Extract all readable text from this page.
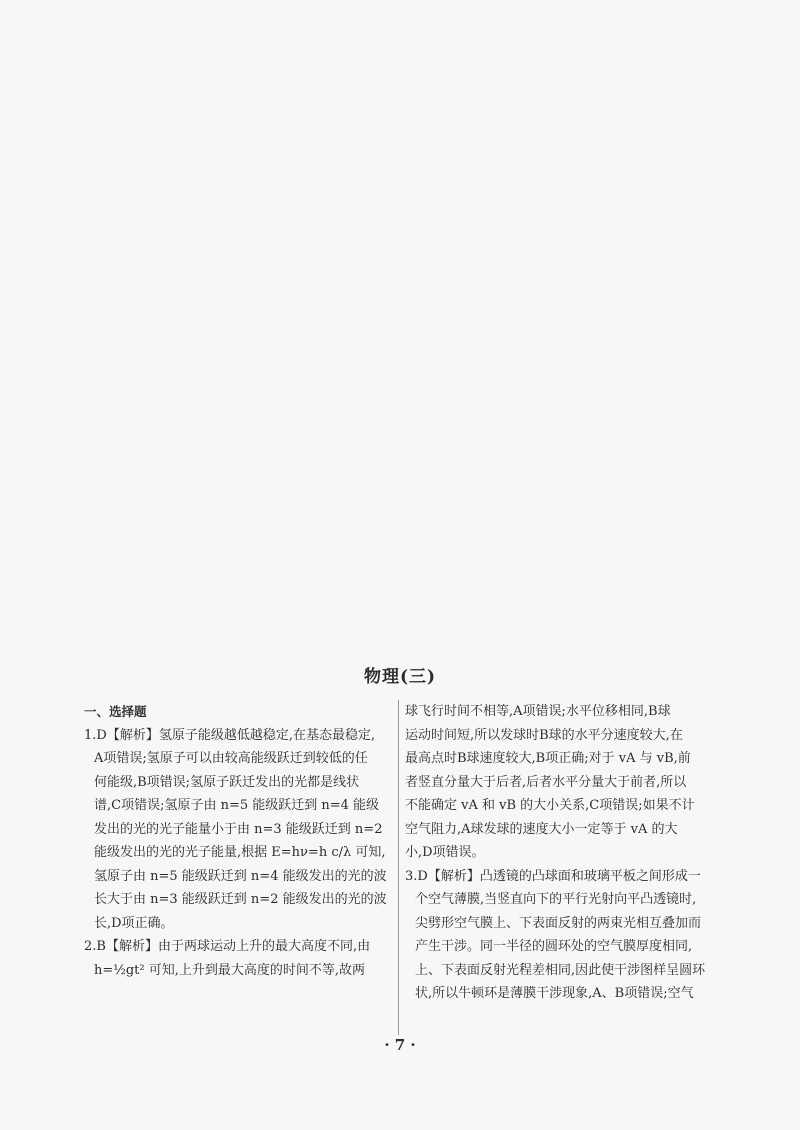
物理(三)

一、选择题

1.D【解析】氢原子能级越低越稳定,在基态最稳定,

A项错误;氢原子可以由较高能级跃迁到较低的任

何能级,B项错误;氢原子跃迁发出的光都是线状

谱,C项错误;氢原子由 n=5 能级跃迁到 n=4 能级

发出的光的光子能量小于由 n=3 能级跃迁到 n=2

能级发出的光的光子能量,根据 E=hν=h c/λ 可知,

氢原子由 n=5 能级跃迁到 n=4 能级发出的光的波

长大于由 n=3 能级跃迁到 n=2 能级发出的光的波

长,D项正确。

2.B【解析】由于两球运动上升的最大高度不同,由

h=½gt² 可知,上升到最大高度的时间不等,故两

球飞行时间不相等,A项错误;水平位移相同,B球

运动时间短,所以发球时B球的水平分速度较大,在

最高点时B球速度较大,B项正确;对于 vA 与 vB,前

者竖直分量大于后者,后者水平分量大于前者,所以

不能确定 vA 和 vB 的大小关系,C项错误;如果不计

空气阻力,A球发球的速度大小一定等于 vA 的大

小,D项错误。

3.D【解析】凸透镜的凸球面和玻璃平板之间形成一

个空气薄膜,当竖直向下的平行光射向平凸透镜时,

尖劈形空气膜上、下表面反射的两束光相互叠加而

产生干涉。同一半径的圆环处的空气膜厚度相同,

上、下表面反射光程差相同,因此使干涉图样呈圆环

状,所以牛顿环是薄膜干涉现象,A、B项错误;空气

· 7 ·
